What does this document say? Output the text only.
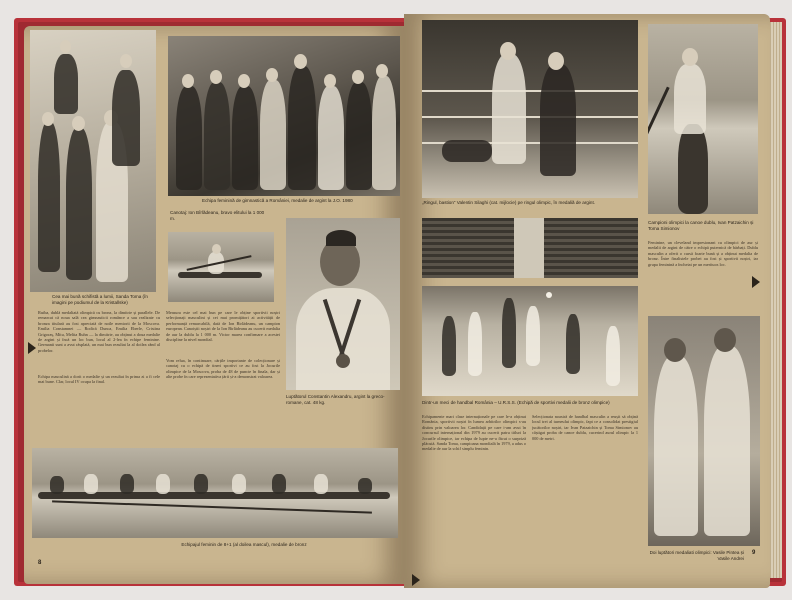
Cea mai bună schifistă a lumii, Sanda Toma (în imagini pe podiumul de la Kristallske)
Echipa feminină de gimnastică a României, medalie de argint la J.O. 1980
Canotaj: Ion Bîrlădeanu, bravo elitului la 1 000 m.
Luptătorul Constantin Alexandru, argint la greco-romane, cat. 48 kg.
Ruiba, dublă medaliată olimpică cu bronz, la dimitrie și parallele. De remarcat că noua sală cea gimnasticii românce a sau realizate cu bronza titulară au fost apreciată de noile mentorii de la Moscova. Emilia Constamnei — Rodică Dunca, Emilia Eberle, Cristina Grigoraș, Mitu, Melita Ruhn — la dimitrie, au obținut a doua medalie de argint și încă un loc bun, locul al 2-lea în echipe feminine. Germanii sunt a avut răsplată, un mai bun rezultat la al doilea rând al probelor.
Echipa masculină a dorit o medalie și un rezultat în prima zi a fi cele mai bune. Clar, locul IV ocupa la final.
Measura este cel mai bun pe care le obține sportivii noștri selecționați masculini și cei mai promițători ai activității de performanță remarcabilă, dată de Ion Birlădeanu, un campion european. Canoiștii noștri de la Ion Birlădeanu au cucerit medalia de aur la dublu la 1 000 m. Victor marea confirmare a acestei discipline la nivel mondial.
Vom relua, în continuare, cărțile importante de colecționare și canotaj cu o echipă de tineri sportivi ce au fost la Jocurile olimpice de la Moscova, proba de 48 de puncte în finala, dar și alte probe în care reprezentativa țării și-a demonstrat valoarea.
Echipajul feminin de 8+1 (al doilea mascul), medalie de bronz
8
„Ringul, bastion” Valentin Silaghi (cat. mijlocie) pe ringul olimpic, în medaliă de argint.
Campioni olimpici la canoe dublu, Ivan Patzaichin și Toma Simionov
Dintr-un meci de handbal România – U.R.S.S. (Echipă de sportivi medalii de bronz olimpice)
Echipamente mari clase internaționale pe care le-a obținut România, sportivii noștri în lumea arbitrilor olimpici s-au distins prin valoarea lor. Candidații pe care i-am avut în concursul internațional din 1979 au cucerit patru titluri la Jocurile olimpice, iar echipa de lupte ne-a făcut o surpriză plăcută. Sanda Toma, campioana mondială în 1979, a adus o medalie de aur la schif simplu feminin.
Selecționata noastră de handbal masculin a reușit să obțină locul trei al turneului olimpic, fapt ce a consolidat prestigiul jucătorilor noștri, iar Ivan Patzaichin și Toma Simionov au câștigat proba de canoe dublu, cucerind aurul olimpic la 1 000 de metri.
Feminine, un cleveland impresionant cu olimpici de aur și medalii de argint de către o echipă puternică de bărbați. Dublu masculin a oferit o cursă foarte bună și a obținut medalia de bronz. Între finalistele probei au fost și sportivii noștri, iar grupa feminină a încheiat pe un merituos loc.
Doi luptători medaliati olimpici: Vasile Pintea și Vasile Andrei
9
